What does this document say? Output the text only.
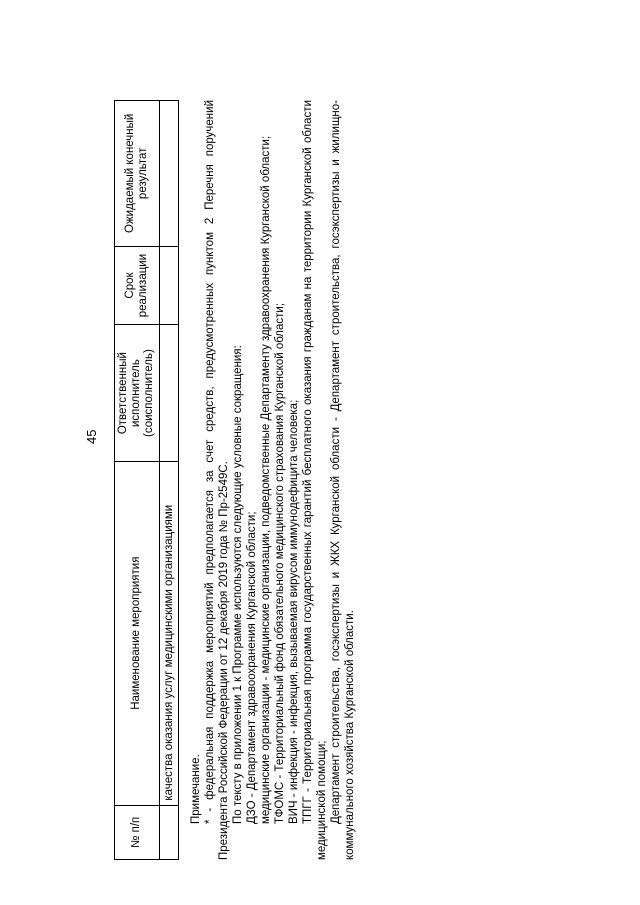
45
№ п/п	Наименование мероприятия	Ответственный исполнитель (соисполнитель)	Срок реализации	Ожидаемый конечный результат
	качества оказания услуг медицинскими организациями			Примечание. * - федеральная поддержка мероприятий предполагается за счет средств, предусмотренных пунктом 2 Перечня поручений Президента Российской Федерации от 12 декабря 2019 года № Пр-2549С. По тексту в приложении 1 к Программе используются следующие условные сокращения: ДЗО - Департамент здравоохранения Курганской области; медицинские организации - медицинские организации, подведомственные Департаменту здравоохранения Курганской области; ТФОМС - Территориальный фонд обязательного медицинского страхования Курганской области; ВИЧ - инфекция - инфекция, вызываемая вирусом иммунодефицита человека; ТПГГ - Территориальная программа государственных гарантий бесплатного оказания гражданам на территории Курганской области медицинской помощи; Департамент строительства, госэкспертизы и ЖКХ Курганской области - Департамент строительства, госэкспертизы и жилищно-коммунального хозяйства Курганской области.
